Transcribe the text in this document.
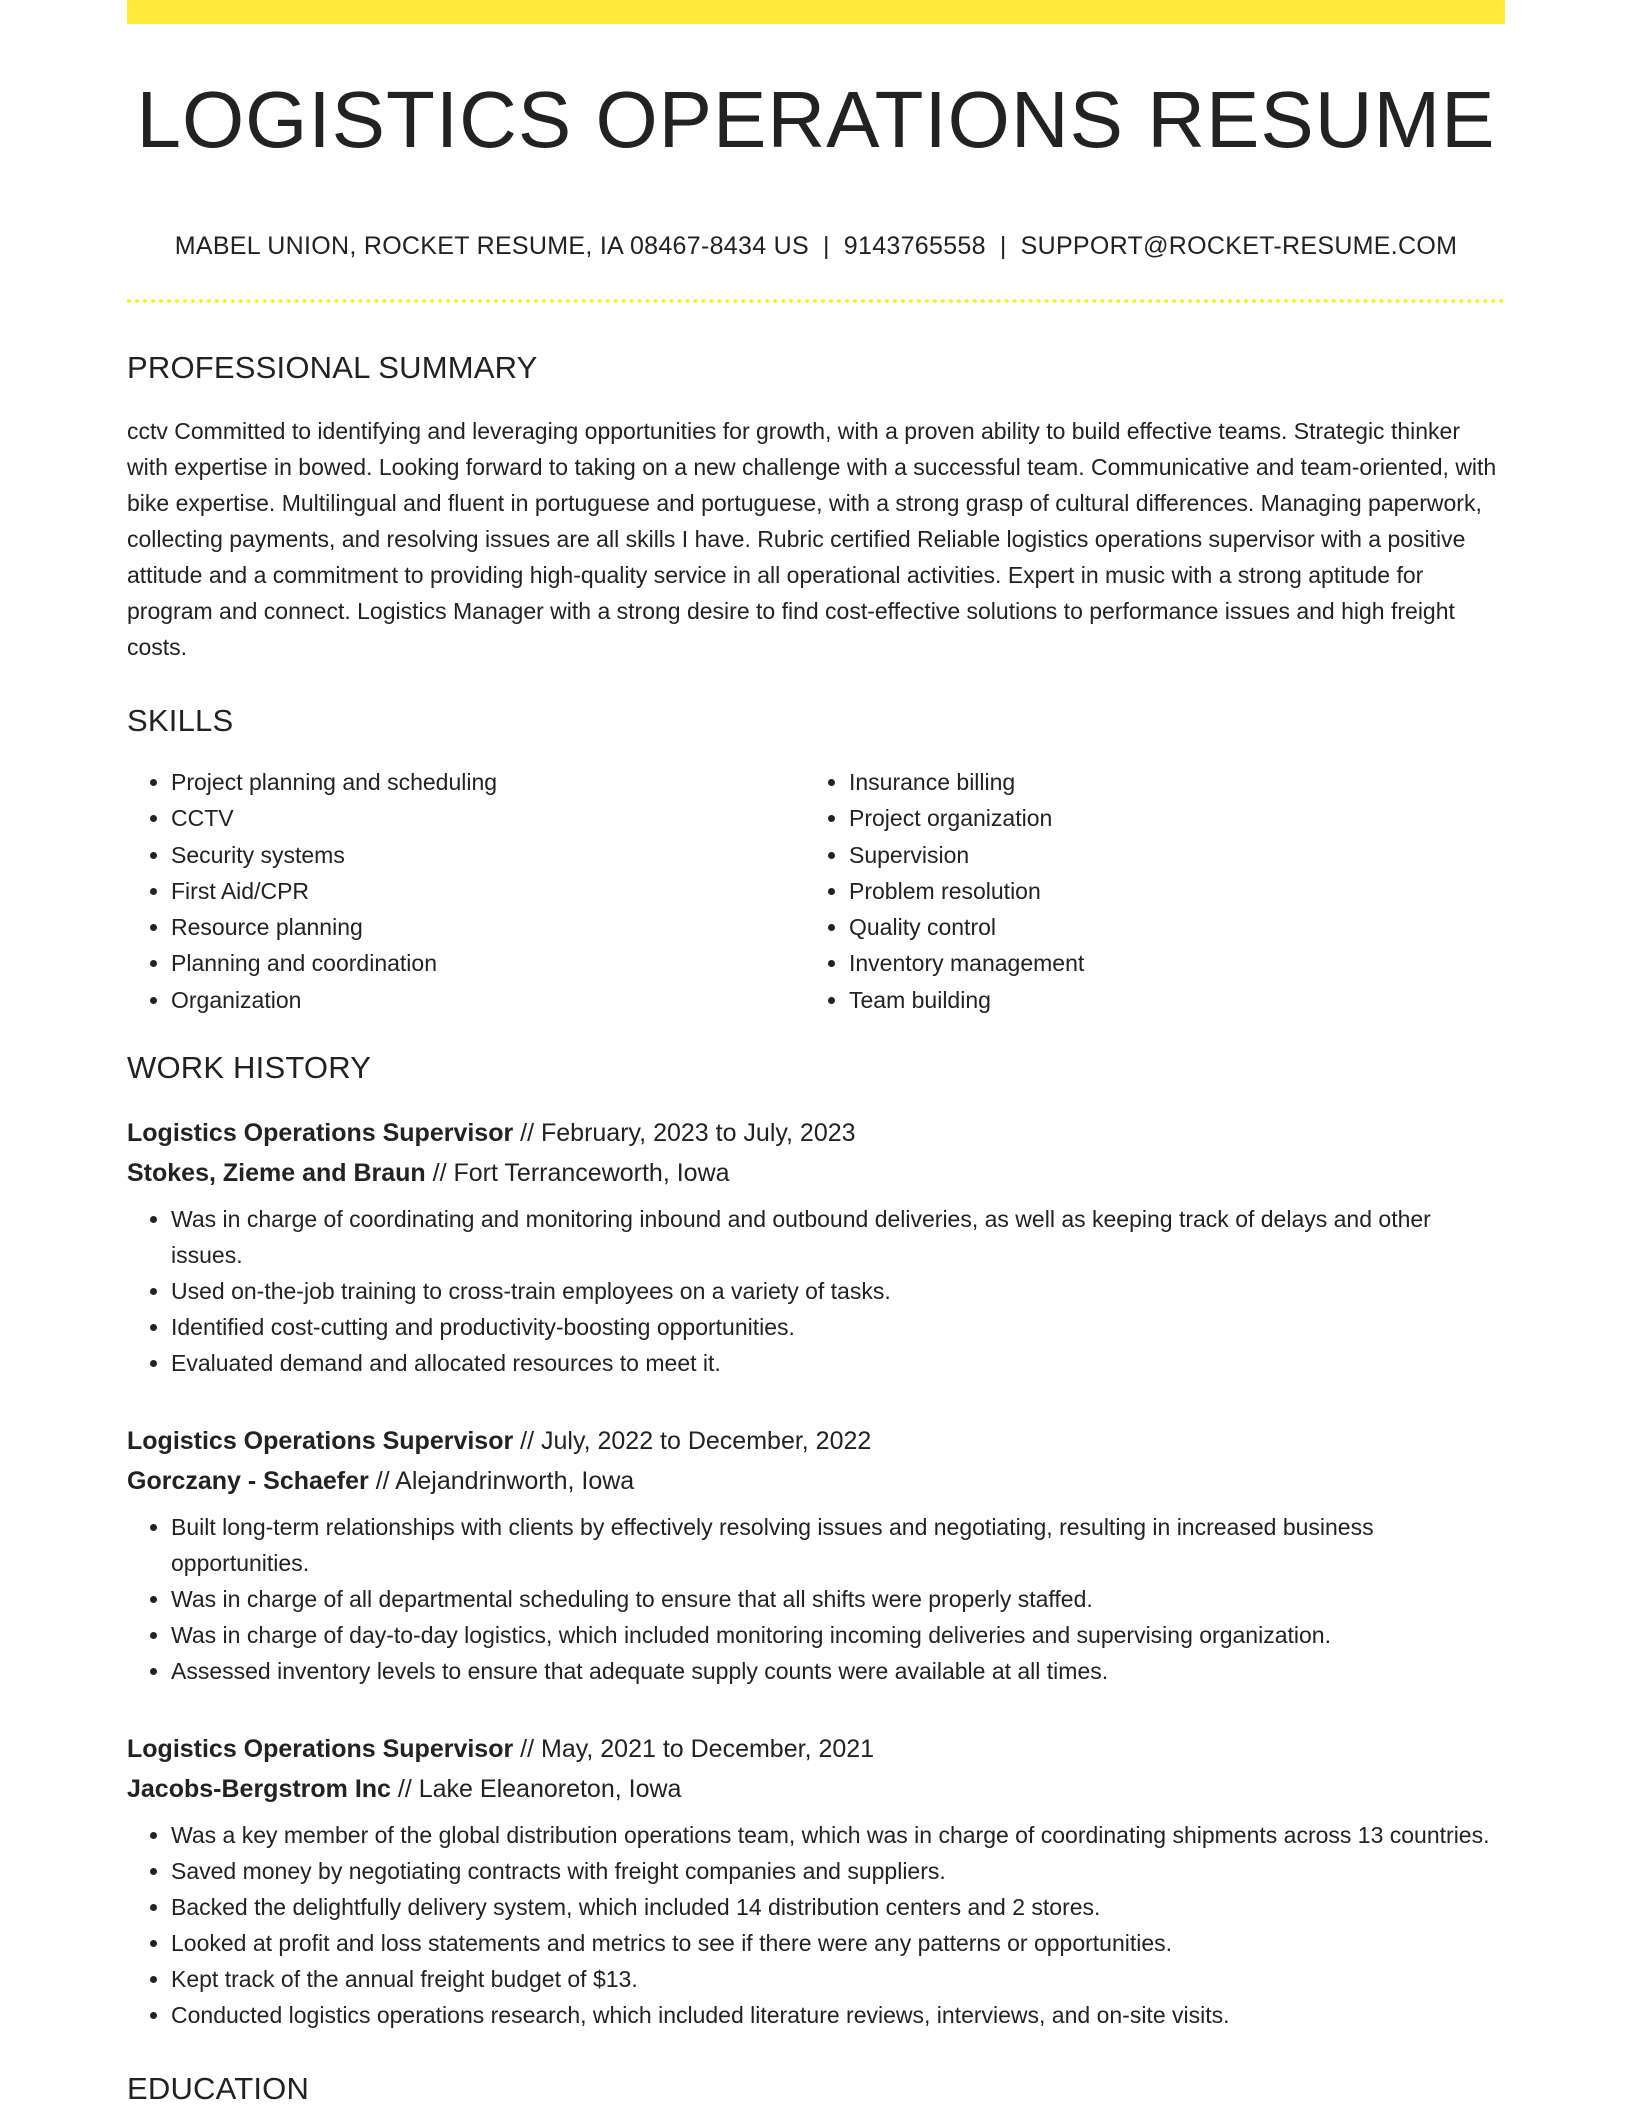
LOGISTICS OPERATIONS RESUME
MABEL UNION, ROCKET RESUME, IA 08467-8434 US | 9143765558 | SUPPORT@ROCKET-RESUME.COM
PROFESSIONAL SUMMARY

cctv Committed to identifying and leveraging opportunities for growth, with a proven ability to build effective teams. Strategic thinker with expertise in bowed. Looking forward to taking on a new challenge with a successful team. Communicative and team-oriented, with bike expertise. Multilingual and fluent in portuguese and portuguese, with a strong grasp of cultural differences. Managing paperwork, collecting payments, and resolving issues are all skills I have. Rubric certified Reliable logistics operations supervisor with a positive attitude and a commitment to providing high-quality service in all operational activities. Expert in music with a strong aptitude for program and connect. Logistics Manager with a strong desire to find cost-effective solutions to performance issues and high freight costs.

SKILLS
• Project planning and scheduling
• CCTV
• Security systems
• First Aid/CPR
• Resource planning
• Planning and coordination
• Organization
• Insurance billing
• Project organization
• Supervision
• Problem resolution
• Quality control
• Inventory management
• Team building
WORK HISTORY
Logistics Operations Supervisor // February, 2023 to July, 2023
Stokes, Zieme and Braun // Fort Terranceworth, Iowa
• Was in charge of coordinating and monitoring inbound and outbound deliveries, as well as keeping track of delays and other issues.
• Used on-the-job training to cross-train employees on a variety of tasks.
• Identified cost-cutting and productivity-boosting opportunities.
• Evaluated demand and allocated resources to meet it.
Logistics Operations Supervisor // July, 2022 to December, 2022
Gorczany - Schaefer // Alejandrinworth, Iowa
• Built long-term relationships with clients by effectively resolving issues and negotiating, resulting in increased business opportunities.
• Was in charge of all departmental scheduling to ensure that all shifts were properly staffed.
• Was in charge of day-to-day logistics, which included monitoring incoming deliveries and supervising organization.
• Assessed inventory levels to ensure that adequate supply counts were available at all times.
Logistics Operations Supervisor // May, 2021 to December, 2021
Jacobs-Bergstrom Inc // Lake Eleanoreton, Iowa
• Was a key member of the global distribution operations team, which was in charge of coordinating shipments across 13 countries.
• Saved money by negotiating contracts with freight companies and suppliers.
• Backed the delightfully delivery system, which included 14 distribution centers and 2 stores.
• Looked at profit and loss statements and metrics to see if there were any patterns or opportunities.
• Kept track of the annual freight budget of $13.
• Conducted logistics operations research, which included literature reviews, interviews, and on-site visits.
EDUCATION
